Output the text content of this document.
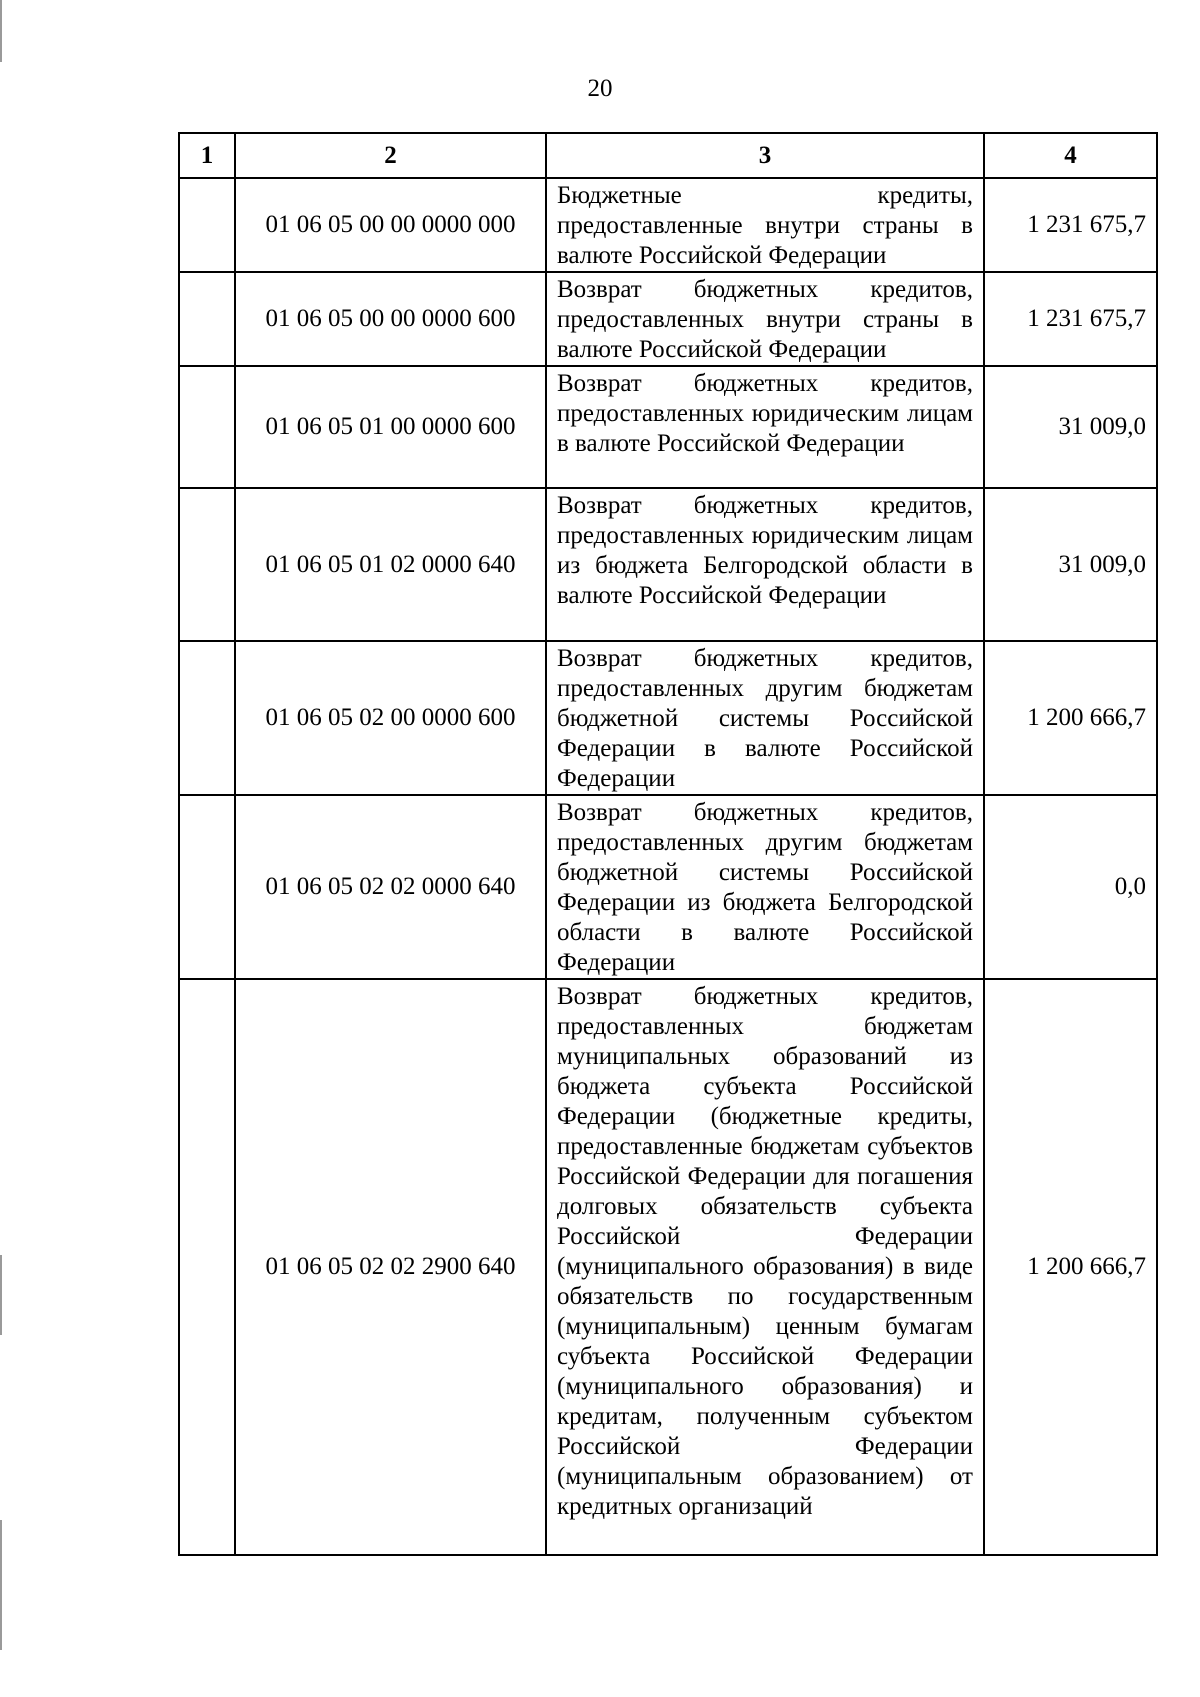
20
1	2	3	4
	01 06 05 00 00 0000 000	Бюджетные кредиты, предоставленные внутри страны в валюте Российской Федерации	1 231 675,7
	01 06 05 00 00 0000 600	Возврат бюджетных кредитов, предоставленных внутри страны в валюте Российской Федерации	1 231 675,7
	01 06 05 01 00 0000 600	Возврат бюджетных кредитов, предоставленных юридическим лицам в валюте Российской Федерации	31 009,0
	01 06 05 01 02 0000 640	Возврат бюджетных кредитов, предоставленных юридическим лицам из бюджета Белгородской области в валюте Российской Федерации	31 009,0
	01 06 05 02 00 0000 600	Возврат бюджетных кредитов, предоставленных другим бюджетам бюджетной системы Российской Федерации в валюте Российской Федерации	1 200 666,7
	01 06 05 02 02 0000 640	Возврат бюджетных кредитов, предоставленных другим бюджетам бюджетной системы Российской Федерации из бюджета Белгородской области в валюте Российской Федерации	0,0
	01 06 05 02 02 2900 640	Возврат бюджетных кредитов, предоставленных бюджетам муниципальных образований из бюджета субъекта Российской Федерации (бюджетные кредиты, предоставленные бюджетам субъектов Российской Федерации для погашения долговых обязательств субъекта Российской Федерации (муниципального образования) в виде обязательств по государственным (муниципальным) ценным бумагам субъекта Российской Федерации (муниципального образования) и кредитам, полученным субъектом Российской Федерации (муниципальным образованием) от кредитных организаций	1 200 666,7
